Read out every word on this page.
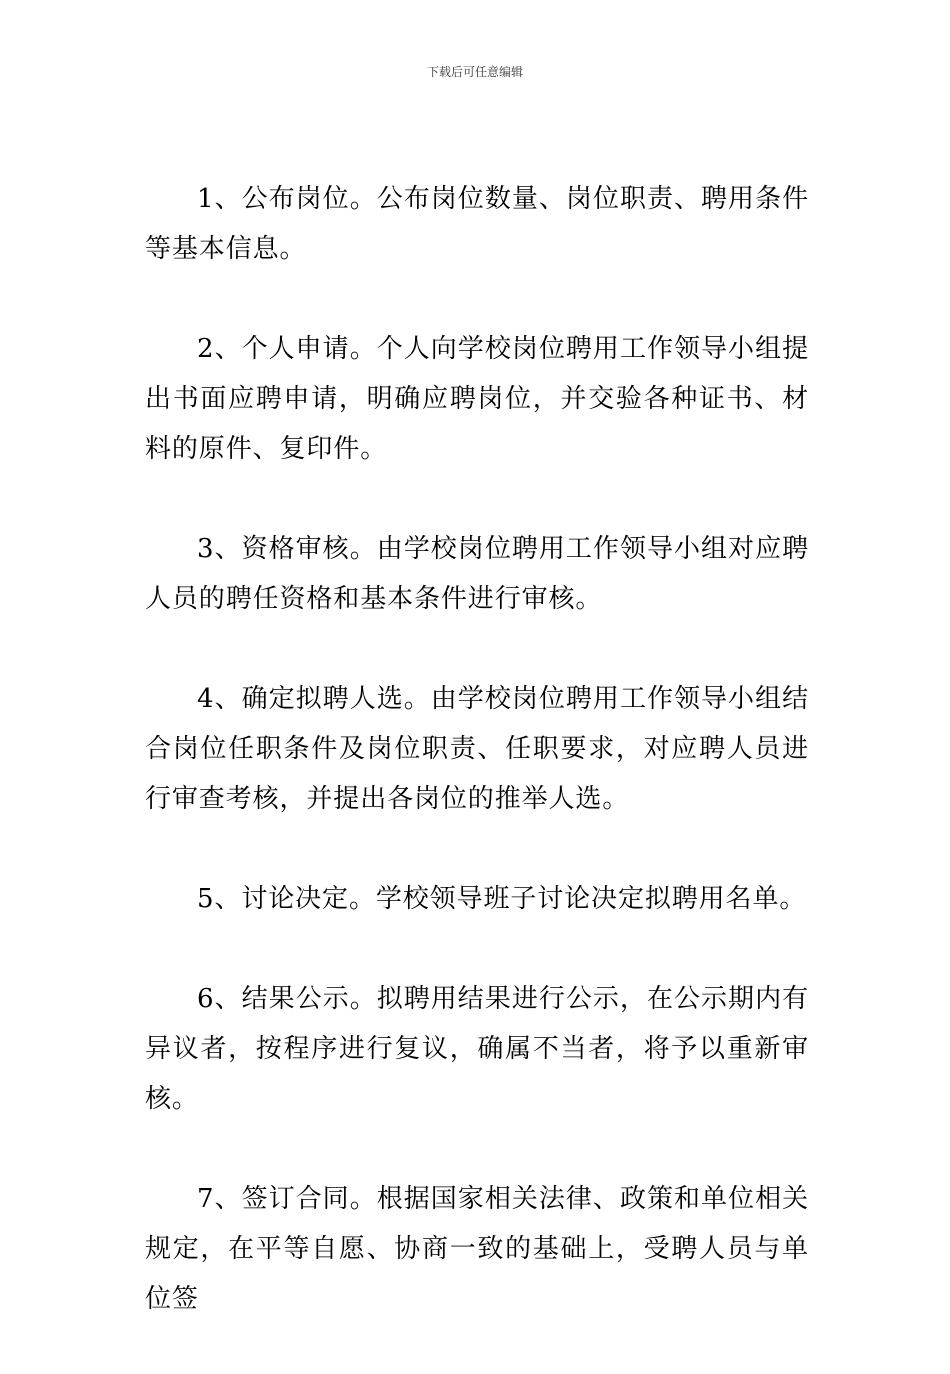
下载后可任意编辑

1、公布岗位。公布岗位数量、岗位职责、聘用条件等基本信息。

2、个人申请。个人向学校岗位聘用工作领导小组提出书面应聘申请，明确应聘岗位，并交验各种证书、材料的原件、复印件。

3、资格审核。由学校岗位聘用工作领导小组对应聘人员的聘任资格和基本条件进行审核。

4、确定拟聘人选。由学校岗位聘用工作领导小组结合岗位任职条件及岗位职责、任职要求，对应聘人员进行审查考核，并提出各岗位的推举人选。

5、讨论决定。学校领导班子讨论决定拟聘用名单。

6、结果公示。拟聘用结果进行公示，在公示期内有异议者，按程序进行复议，确属不当者，将予以重新审核。

7、签订合同。根据国家相关法律、政策和单位相关规定，在平等自愿、协商一致的基础上，受聘人员与单位签
